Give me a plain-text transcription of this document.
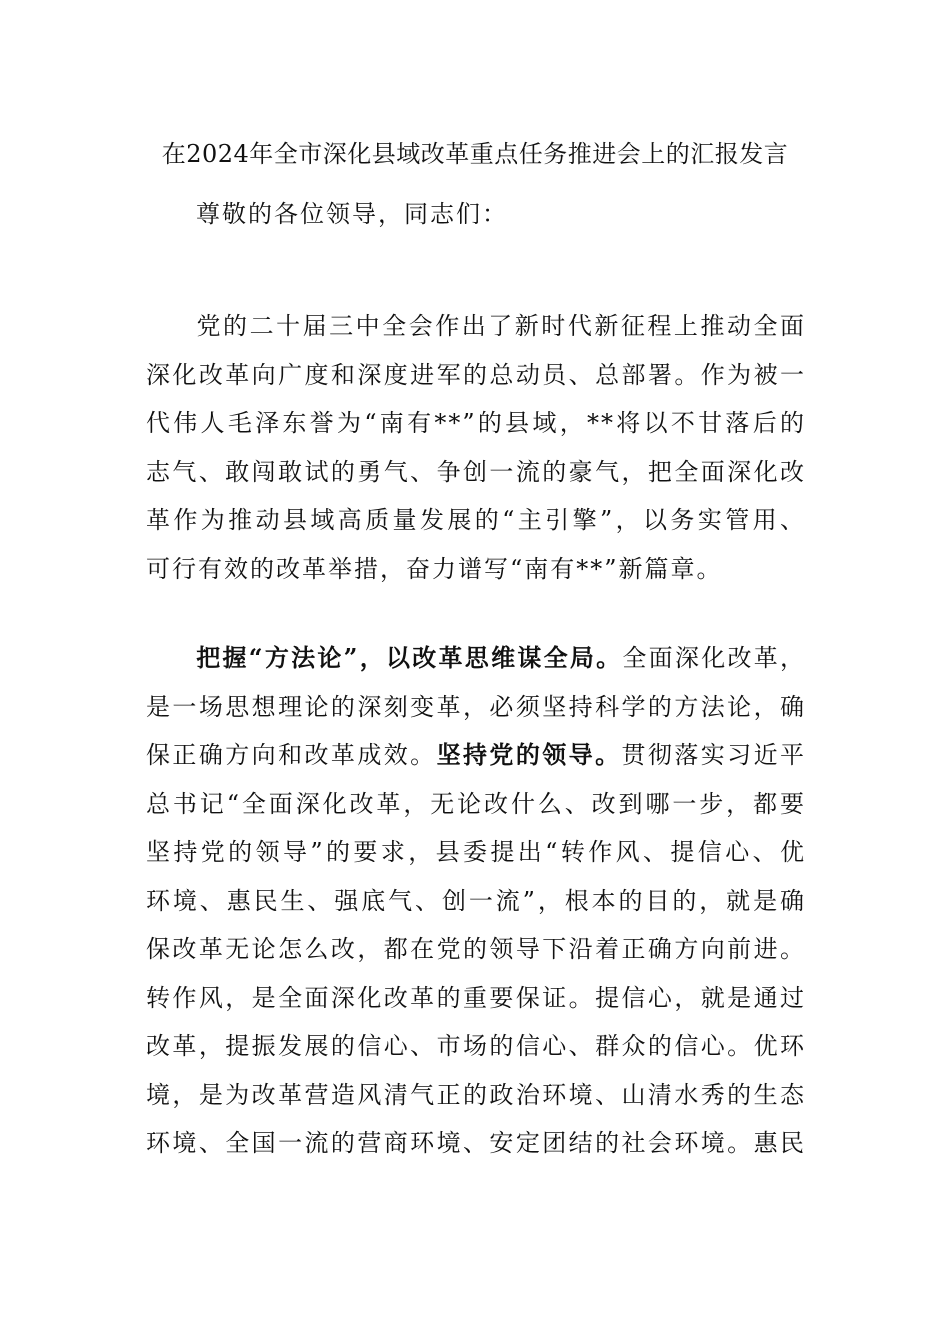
在2024年全市深化县域改革重点任务推进会上的汇报发言
尊敬的各位领导，同志们：
党的二十届三中全会作出了新时代新征程上推动全面
深化改革向广度和深度进军的总动员、总部署。作为被一
代伟人毛泽东誉为“南有**”的县域，**将以不甘落后的
志气、敢闯敢试的勇气、争创一流的豪气，把全面深化改
革作为推动县域高质量发展的“主引擎”，以务实管用、
可行有效的改革举措，奋力谱写“南有**”新篇章。
把握“方法论”，以改革思维谋全局。全面深化改革，
是一场思想理论的深刻变革，必须坚持科学的方法论，确
保正确方向和改革成效。坚持党的领导。贯彻落实习近平
总书记“全面深化改革，无论改什么、改到哪一步，都要
坚持党的领导”的要求，县委提出“转作风、提信心、优
环境、惠民生、强底气、创一流”，根本的目的，就是确
保改革无论怎么改，都在党的领导下沿着正确方向前进。
转作风，是全面深化改革的重要保证。提信心，就是通过
改革，提振发展的信心、市场的信心、群众的信心。优环
境，是为改革营造风清气正的政治环境、山清水秀的生态
环境、全国一流的营商环境、安定团结的社会环境。惠民
